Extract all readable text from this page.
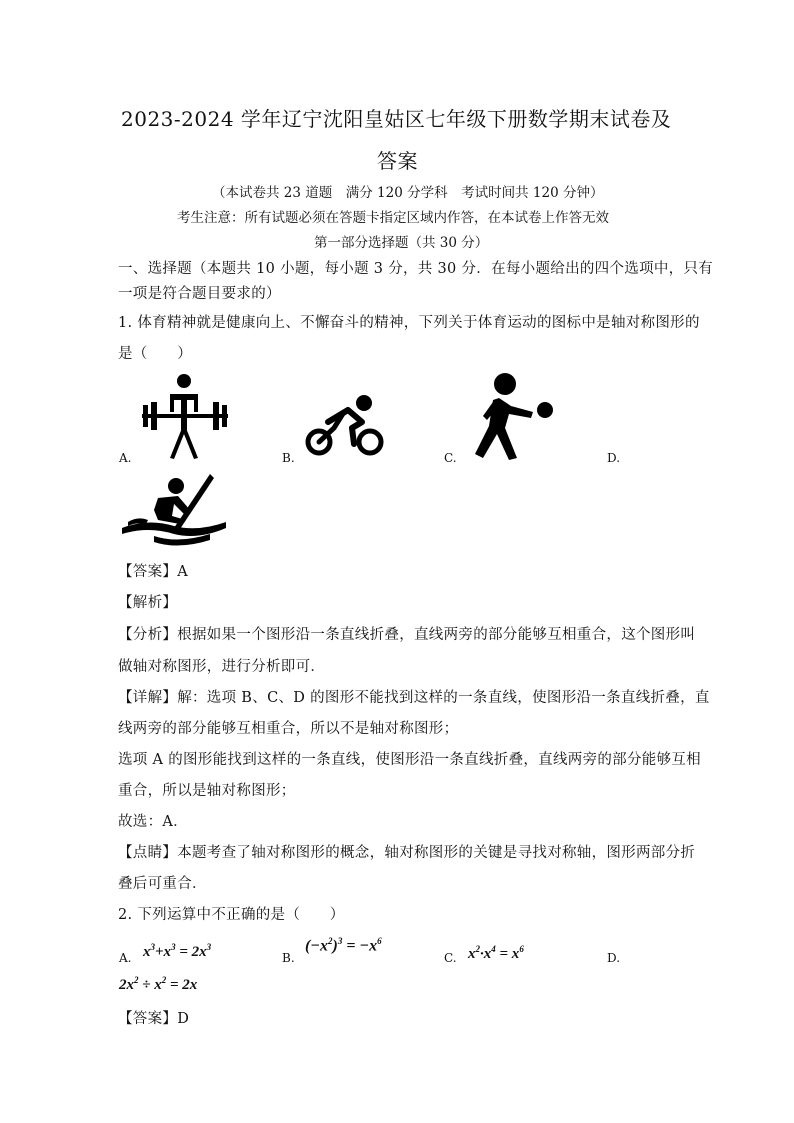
2023-2024 学年辽宁沈阳皇姑区七年级下册数学期末试卷及
答案
（本试卷共 23 道题　满分 120 分学科　考试时间共 120 分钟）
考生注意：所有试题必须在答题卡指定区域内作答，在本试卷上作答无效
第一部分选择题（共 30 分）
一、选择题（本题共 10 小题，每小题 3 分，共 30 分．在每小题给出的四个选项中，只有
一项是符合题目要求的）
1. 体育精神就是健康向上、不懈奋斗的精神，下列关于体育运动的图标中是轴对称图形的
是（　　）
A.	B.	C.	D.
【答案】A
【解析】
【分析】根据如果一个图形沿一条直线折叠，直线两旁的部分能够互相重合，这个图形叫
做轴对称图形，进行分析即可．
【详解】解：选项 B、C、D 的图形不能找到这样的一条直线，使图形沿一条直线折叠，直
线两旁的部分能够互相重合，所以不是轴对称图形；
选项 A 的图形能找到这样的一条直线，使图形沿一条直线折叠，直线两旁的部分能够互相
重合，所以是轴对称图形；
故选：A．
【点睛】本题考查了轴对称图形的概念，轴对称图形的关键是寻找对称轴，图形两部分折
叠后可重合．
2. 下列运算中不正确的是（　　）
A. $x^3+x^3 = 2x^3$
B.
$(-x^2)^3 = -x^6$
C. $x^2\cdot x^4 = x^6$
D.
$2x^2 \div x^2 = 2x$
【答案】D
